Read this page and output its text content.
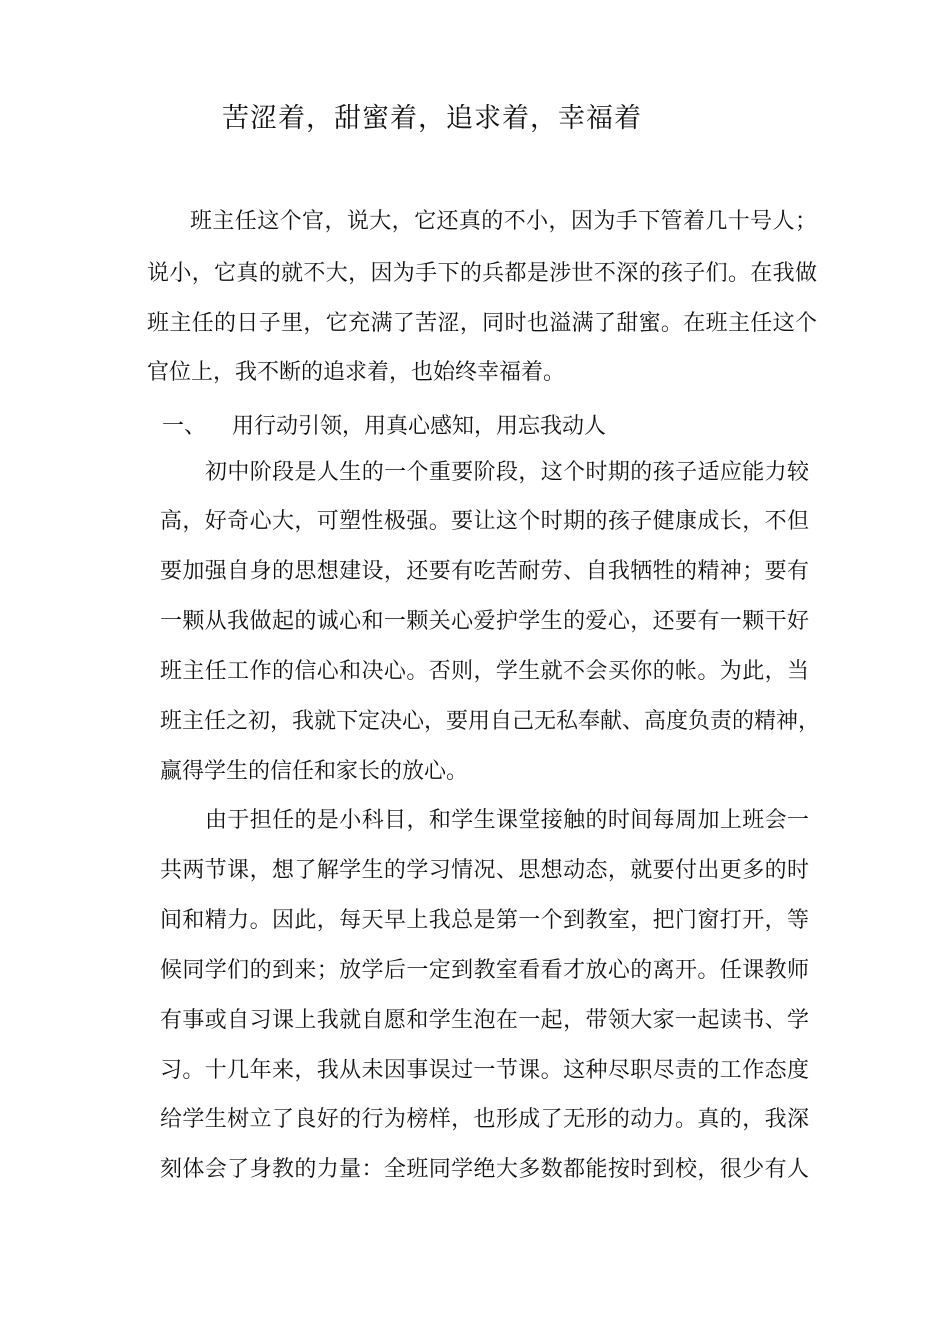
苦涩着，甜蜜着，追求着，幸福着
班主任这个官，说大，它还真的不小，因为手下管着几十号人；
说小，它真的就不大，因为手下的兵都是涉世不深的孩子们。在我做
班主任的日子里，它充满了苦涩，同时也溢满了甜蜜。在班主任这个
官位上，我不断的追求着，也始终幸福着。
一、 用行动引领，用真心感知，用忘我动人
初中阶段是人生的一个重要阶段，这个时期的孩子适应能力较
高，好奇心大，可塑性极强。要让这个时期的孩子健康成长，不但
要加强自身的思想建设，还要有吃苦耐劳、自我牺牲的精神；要有
一颗从我做起的诚心和一颗关心爱护学生的爱心，还要有一颗干好
班主任工作的信心和决心。否则，学生就不会买你的帐。为此，当
班主任之初，我就下定决心，要用自己无私奉献、高度负责的精神，
赢得学生的信任和家长的放心。
由于担任的是小科目，和学生课堂接触的时间每周加上班会一
共两节课，想了解学生的学习情况、思想动态，就要付出更多的时
间和精力。因此，每天早上我总是第一个到教室，把门窗打开，等
候同学们的到来；放学后一定到教室看看才放心的离开。任课教师
有事或自习课上我就自愿和学生泡在一起，带领大家一起读书、学
习。十几年来，我从未因事误过一节课。这种尽职尽责的工作态度
给学生树立了良好的行为榜样，也形成了无形的动力。真的，我深
刻体会了身教的力量：全班同学绝大多数都能按时到校，很少有人
